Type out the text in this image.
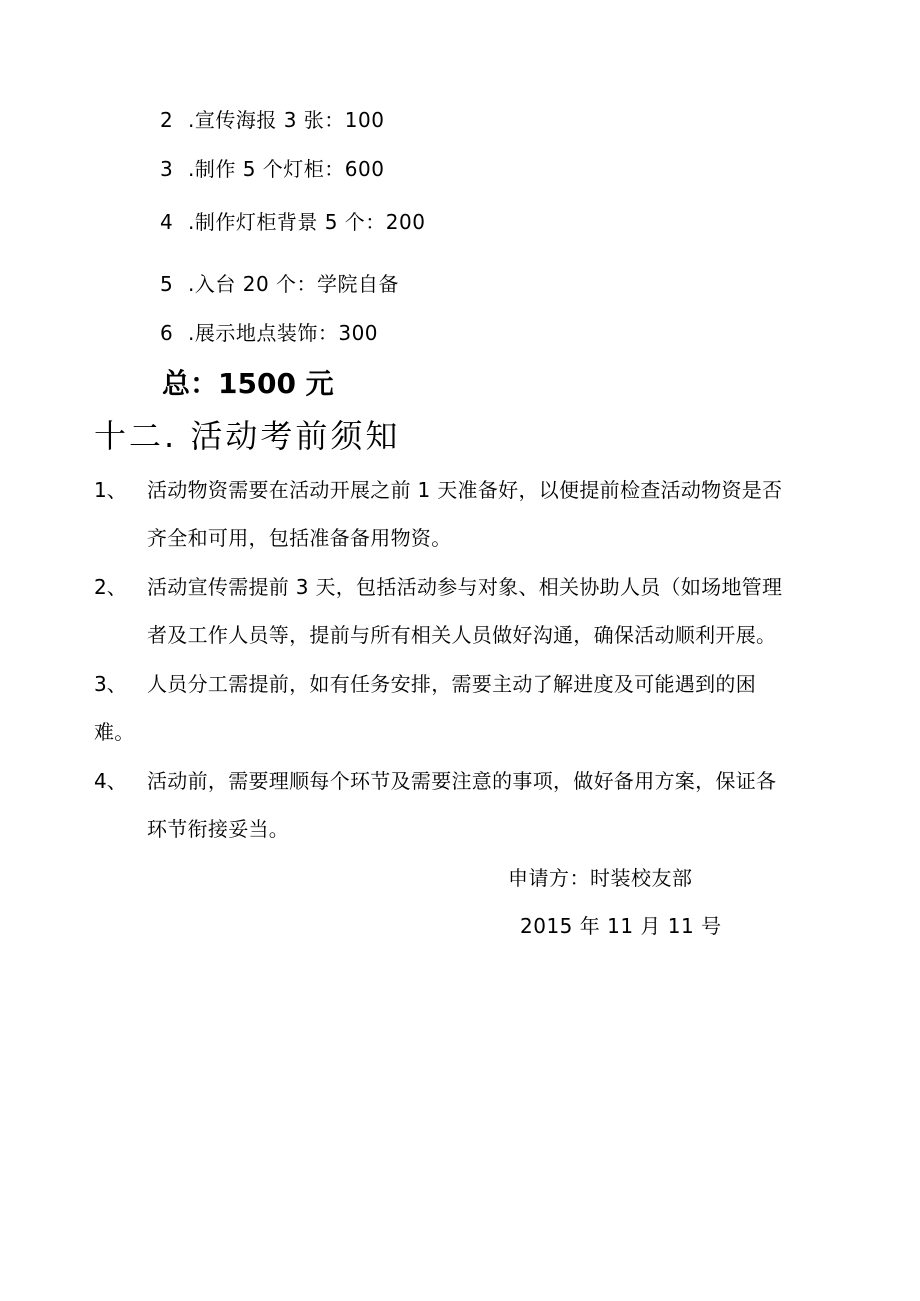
2 .宣传海报 3 张：100
3 .制作 5 个灯柜：600
4 .制作灯柜背景 5 个：200
5 .入台 20 个：学院自备
6 .展示地点装饰：300
总：1500 元
十二. 活动考前须知
1、 活动物资需要在活动开展之前 1 天准备好，以便提前检查活动物资是否
齐全和可用，包括准备备用物资。
2、 活动宣传需提前 3 天，包括活动参与对象、相关协助人员（如场地管理
者及工作人员等，提前与所有相关人员做好沟通，确保活动顺利开展。
3、 人员分工需提前，如有任务安排，需要主动了解进度及可能遇到的困
难。
4、 活动前，需要理顺每个环节及需要注意的事项，做好备用方案，保证各
环节衔接妥当。
申请方：时装校友部
2015 年 11 月 11 号
